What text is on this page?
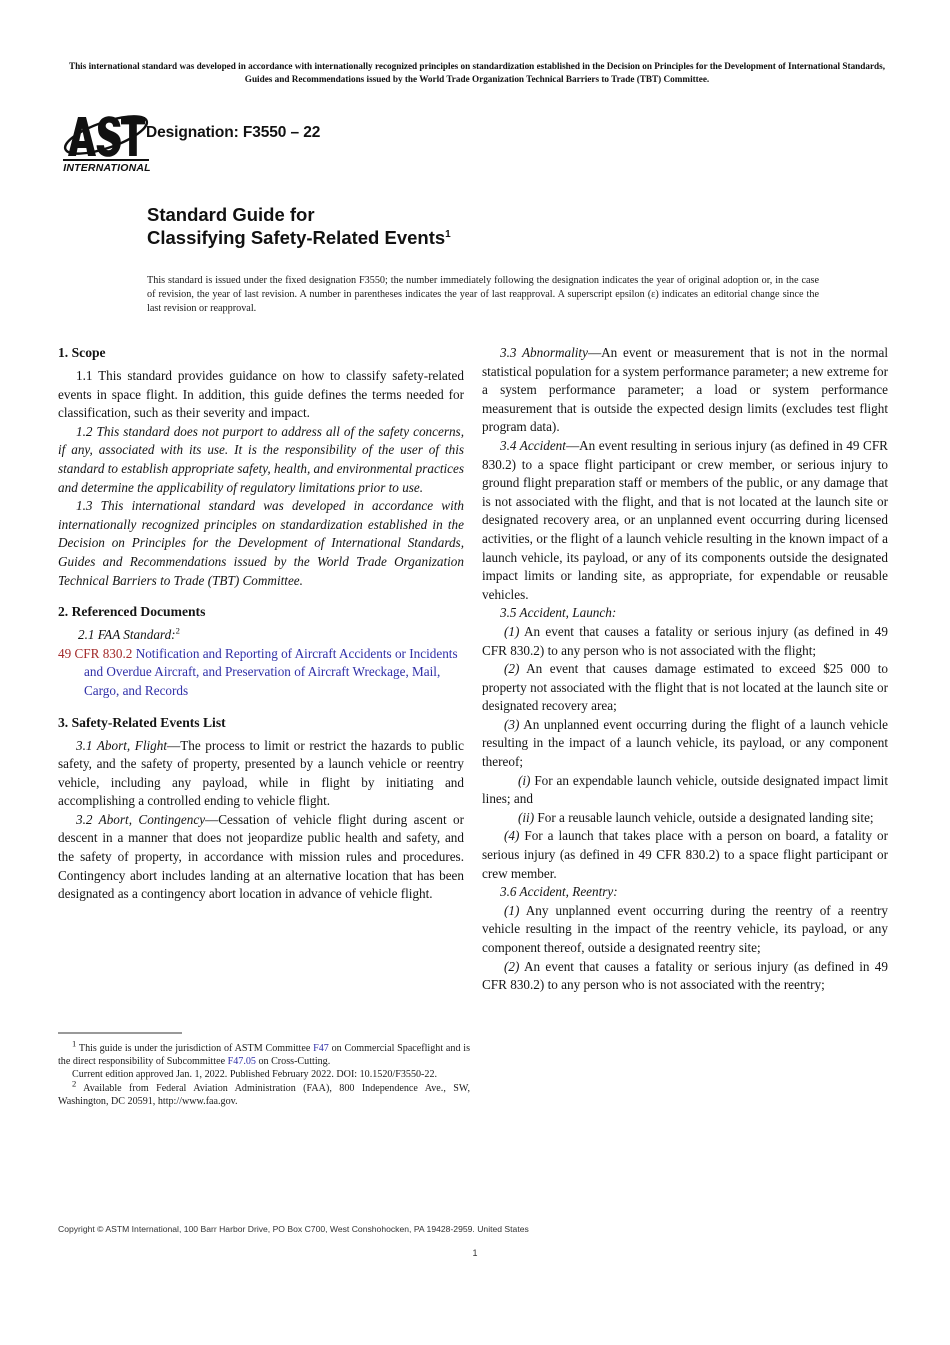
This international standard was developed in accordance with internationally recognized principles on standardization established in the Decision on Principles for the Development of International Standards, Guides and Recommendations issued by the World Trade Organization Technical Barriers to Trade (TBT) Committee.
INTERNATIONAL
Designation: F3550 – 22
Standard Guide for
Classifying Safety-Related Events$^1$
This standard is issued under the fixed designation F3550; the number immediately following the designation indicates the year of original adoption or, in the case of revision, the year of last revision. A number in parentheses indicates the year of last reapproval. A superscript epsilon (ε) indicates an editorial change since the last revision or reapproval.
1. Scope

1.1 This standard provides guidance on how to classify safety-related events in space flight. In addition, this guide defines the terms needed for classification, such as their severity and impact.

1.2 This standard does not purport to address all of the safety concerns, if any, associated with its use. It is the responsibility of the user of this standard to establish appropriate safety, health, and environmental practices and determine the applicability of regulatory limitations prior to use.

1.3 This international standard was developed in accordance with internationally recognized principles on standardization established in the Decision on Principles for the Development of International Standards, Guides and Recommendations issued by the World Trade Organization Technical Barriers to Trade (TBT) Committee.

2. Referenced Documents

2.1 FAA Standard:$^2$

49 CFR 830.2 Notification and Reporting of Aircraft Accidents or Incidents and Overdue Aircraft, and Preservation of Aircraft Wreckage, Mail, Cargo, and Records

3. Safety-Related Events List

3.1 Abort, Flight—The process to limit or restrict the hazards to public safety, and the safety of property, presented by a launch vehicle or reentry vehicle, including any payload, while in flight by initiating and accomplishing a controlled ending to vehicle flight.

3.2 Abort, Contingency—Cessation of vehicle flight during ascent or descent in a manner that does not jeopardize public health and safety, and the safety of property, in accordance with mission rules and procedures. Contingency abort includes landing at an alternative location that has been designated as a contingency abort location in advance of vehicle flight.

3.3 Abnormality—An event or measurement that is not in the normal statistical population for a system performance parameter; a new extreme for a system performance parameter; a load or system performance measurement that is outside the expected design limits (excludes test flight program data).

3.4 Accident—An event resulting in serious injury (as defined in 49 CFR 830.2) to a space flight participant or crew member, or serious injury to ground flight preparation staff or members of the public, or any damage that is not associated with the flight, and that is not located at the launch site or designated recovery area, or an unplanned event occurring during licensed activities, or the flight of a launch vehicle resulting in the known impact of a launch vehicle, its payload, or any of its components outside the designated impact limits or landing site, as appropriate, for expendable or reusable vehicles.

3.5 Accident, Launch:

(1) An event that causes a fatality or serious injury (as defined in 49 CFR 830.2) to any person who is not associated with the flight;

(2) An event that causes damage estimated to exceed $25 000 to property not associated with the flight that is not located at the launch site or designated recovery area;

(3) An unplanned event occurring during the flight of a launch vehicle resulting in the impact of a launch vehicle, its payload, or any component thereof;

(i) For an expendable launch vehicle, outside designated impact limit lines; and

(ii) For a reusable launch vehicle, outside a designated landing site;

(4) For a launch that takes place with a person on board, a fatality or serious injury (as defined in 49 CFR 830.2) to a space flight participant or crew member.

3.6 Accident, Reentry:

(1) Any unplanned event occurring during the reentry of a reentry vehicle resulting in the impact of the reentry vehicle, its payload, or any component thereof, outside a designated reentry site;

(2) An event that causes a fatality or serious injury (as defined in 49 CFR 830.2) to any person who is not associated with the reentry;

$^1$ This guide is under the jurisdiction of ASTM Committee F47 on Commercial Spaceflight and is the direct responsibility of Subcommittee F47.05 on Cross-Cutting.

Current edition approved Jan. 1, 2022. Published February 2022. DOI: 10.1520/F3550-22.

$^2$ Available from Federal Aviation Administration (FAA), 800 Independence Ave., SW, Washington, DC 20591, http://www.faa.gov.

Copyright © ASTM International, 100 Barr Harbor Drive, PO Box C700, West Conshohocken, PA 19428-2959. United States
1
